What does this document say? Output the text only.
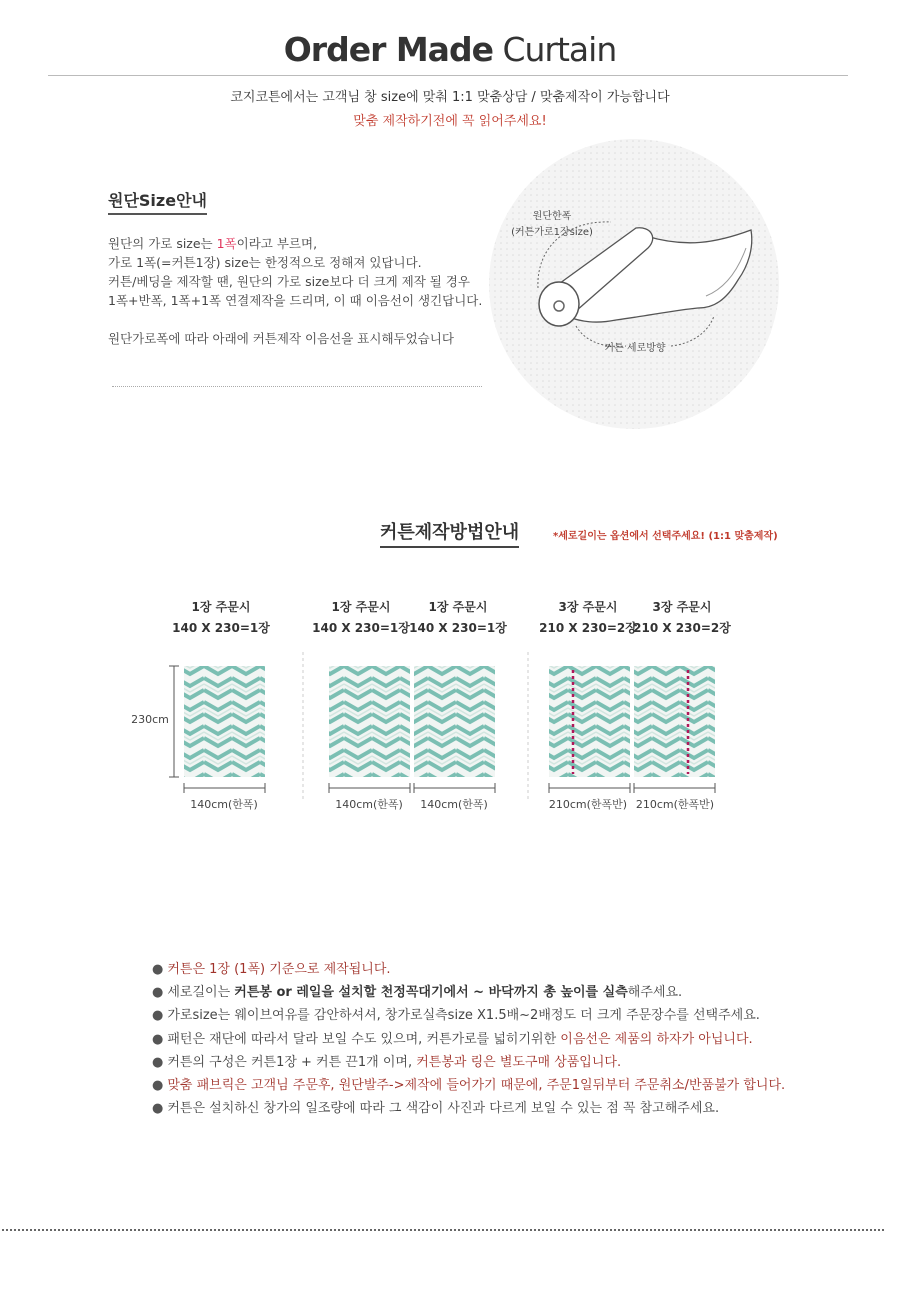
Order Made Curtain
코지코튼에서는 고객님 창 size에 맞춰 1:1 맞춤상담 / 맞춤제작이 가능합니다
맞춤 제작하기전에 꼭 읽어주세요!
원단Size안내
원단의 가로 size는 1폭이라고 부르며,
가로 1폭(=커튼1장) size는 한정적으로 정해져 있답니다.
커튼/베딩을 제작할 땐, 원단의 가로 size보다 더 크게 제작 될 경우
1폭+반폭, 1폭+1폭 연결제작을 드리며, 이 때 이음선이 생긴답니다.
원단가로폭에 따라 아래에 커튼제작 이음선을 표시해두었습니다
원단한폭
(커튼가로1장size)
커튼 세로방향
커튼제작방법안내	*세로길이는 옵션에서 선택주세요! (1:1 맞춤제작)
1장 주문시
140 X 230=1장
1장 주문시
140 X 230=1장
1장 주문시
140 X 230=1장
3장 주문시
210 X 230=2장
3장 주문시
210 X 230=2장
230cm
140cm(한폭)	140cm(한폭) 140cm(한폭)	210cm(한폭반) 210cm(한폭반)
● 커튼은 1장 (1폭) 기준으로 제작됩니다.
● 세로길이는 커튼봉 or 레일을 설치할 천정꼭대기에서 ~ 바닥까지 총 높이를 실측해주세요.
● 가로size는 웨이브여유를 감안하셔셔, 창가로실측size X1.5배~2배정도 더 크게 주문장수를 선택주세요.
● 패턴은 재단에 따라서 달라 보일 수도 있으며, 커튼가로를 넓히기위한 이음선은 제품의 하자가 아닙니다.
● 커튼의 구성은 커튼1장 + 커튼 끈1개 이며, 커튼봉과 링은 별도구매 상품입니다.
● 맞춤 패브릭은 고객님 주문후, 원단발주->제작에 들어가기 때문에, 주문1일뒤부터 주문취소/반품불가 합니다.
● 커튼은 설치하신 창가의 일조량에 따라 그 색감이 사진과 다르게 보일 수 있는 점 꼭 참고해주세요.
